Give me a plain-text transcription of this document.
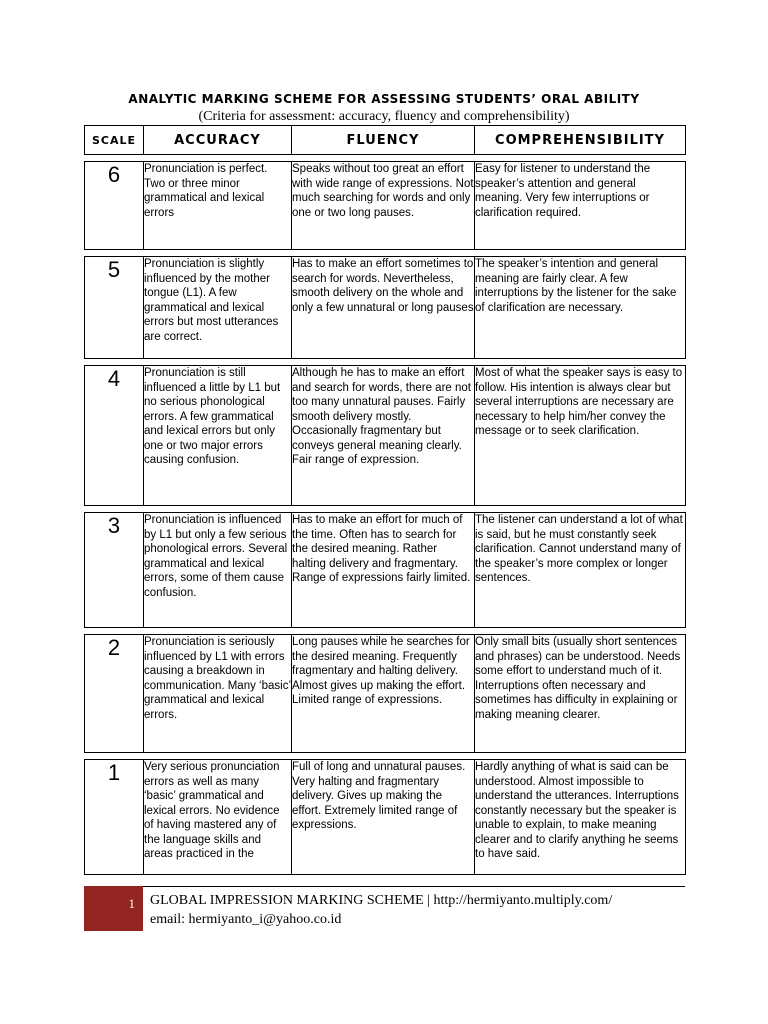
ANALYTIC MARKING SCHEME FOR ASSESSING STUDENTS’ ORAL ABILITY
(Criteria for assessment: accuracy, fluency and comprehensibility)
SCALE	ACCURACY	FLUENCY	COMPREHENSIBILITY

6	Pronunciation is perfect. Two or three minor grammatical and lexical errors	Speaks without too great an effort with wide range of expressions. Not much searching for words and only one or two long pauses.	Easy for listener to understand the speaker’s attention and general meaning. Very few interruptions or clarification required.

5	Pronunciation is slightly influenced by the mother tongue (L1). A few grammatical and lexical errors but most utterances are correct.	Has to make an effort sometimes to search for words. Nevertheless, smooth delivery on the whole and only a few unnatural or long pauses	The speaker’s intention and general meaning are fairly clear. A few interruptions by the listener for the sake of clarification are necessary.

4	Pronunciation is still influenced a little by L1 but no serious phonological errors. A few grammatical and lexical errors but only one or two major errors causing confusion.	Although he has to make an effort and search for words, there are not too many unnatural pauses. Fairly smooth delivery mostly. Occasionally fragmentary but conveys general meaning clearly. Fair range of expression.	Most of what the speaker says is easy to follow. His intention is always clear but several interruptions are necessary are necessary to help him/her convey the message or to seek clarification.

3	Pronunciation is influenced by L1 but only a few serious phonological errors. Several grammatical and lexical errors, some of them cause confusion.	Has to make an effort for much of the time. Often has to search for the desired meaning. Rather halting delivery and fragmentary. Range of expressions fairly limited.	The listener can understand a lot of what is said, but he must constantly seek clarification. Cannot understand many of the speaker’s more complex or longer sentences.

2	Pronunciation is seriously influenced by L1 with errors causing a breakdown in communication. Many ‘basic’ grammatical and lexical errors.	Long pauses while he searches for the desired meaning. Frequently fragmentary and halting delivery. Almost gives up making the effort. Limited range of expressions.	Only small bits (usually short sentences and phrases) can be understood. Needs some effort to understand much of it. Interruptions often necessary and sometimes has difficulty in explaining or making meaning clearer.

1	Very serious pronunciation errors as well as many ‘basic’ grammatical and lexical errors. No evidence of having mastered any of the language skills and areas practiced in the	Full of long and unnatural pauses. Very halting and fragmentary delivery. Gives up making the effort. Extremely limited range of expressions.	Hardly anything of what is said can be understood. Almost impossible to understand the utterances. Interruptions constantly necessary but the speaker is unable to explain, to make meaning clearer and to clarify anything he seems to have said.
1	GLOBAL IMPRESSION MARKING SCHEME | http://hermiyanto.multiply.com/
email: hermiyanto_i@yahoo.co.id
